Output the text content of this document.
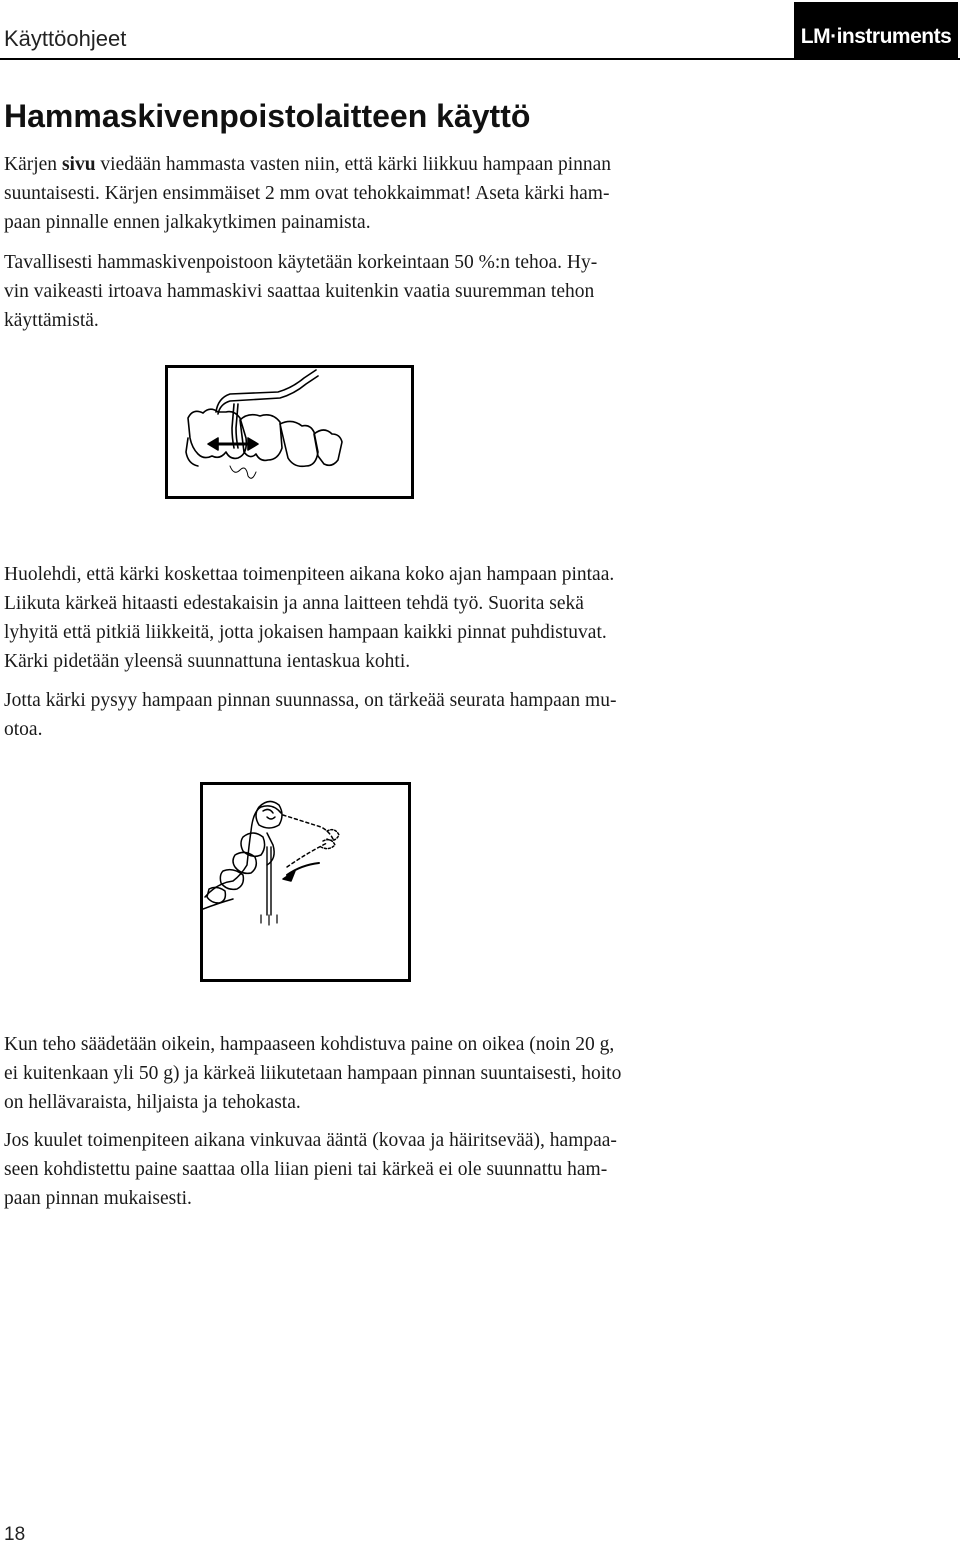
Käyttöohjeet	LM·instruments
Hammaskivenpoistolaitteen käyttö
Kärjen sivu viedään hammasta vasten niin, että kärki liikkuu hampaan pinnan
suuntaisesti. Kärjen ensimmäiset 2 mm ovat tehokkaimmat! Aseta kärki ham-
paan pinnalle ennen jalkakytkimen painamista.
Tavallisesti hammaskivenpoistoon käytetään korkeintaan 50 %:n tehoa. Hy-
vin vaikeasti irtoava hammaskivi saattaa kuitenkin vaatia suuremman tehon
käyttämistä.
Huolehdi, että kärki koskettaa toimenpiteen aikana koko ajan hampaan pintaa.
Liikuta kärkeä hitaasti edestakaisin ja anna laitteen tehdä työ. Suorita sekä
lyhyitä että pitkiä liikkeitä, jotta jokaisen hampaan kaikki pinnat puhdistuvat.
Kärki pidetään yleensä suunnattuna ientaskua kohti.
Jotta kärki pysyy hampaan pinnan suunnassa, on tärkeää seurata hampaan mu-
otoa.
Kun teho säädetään oikein, hampaaseen kohdistuva paine on oikea (noin 20 g,
ei kuitenkaan yli 50 g) ja kärkeä liikutetaan hampaan pinnan suuntaisesti, hoito
on hellävaraista, hiljaista ja tehokasta.
Jos kuulet toimenpiteen aikana vinkuvaa ääntä (kovaa ja häiritsevää), hampaa-
seen kohdistettu paine saattaa olla liian pieni tai kärkeä ei ole suunnattu ham-
paan pinnan mukaisesti.
18
